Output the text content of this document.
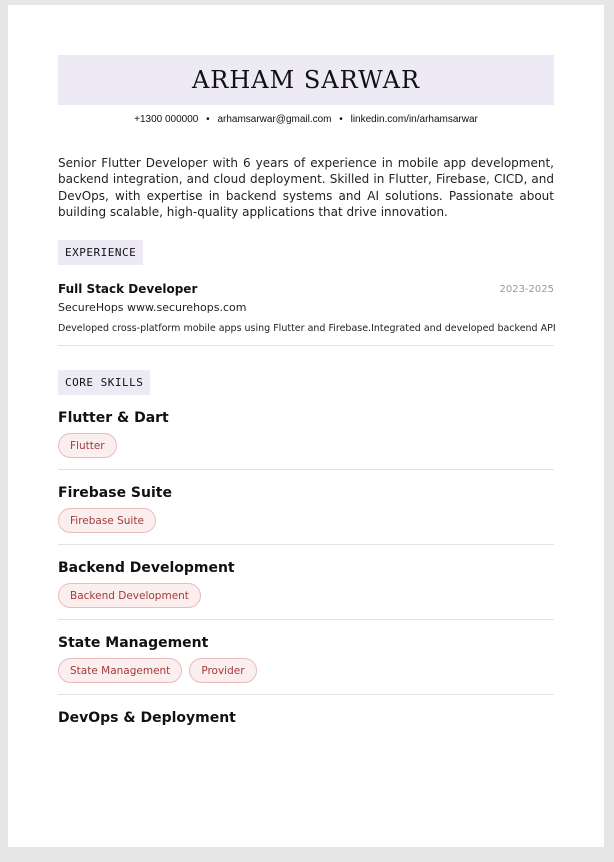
ARHAM SARWAR
+1300 000000 • arhamsarwar@gmail.com • linkedin.com/in/arhamsarwar
Senior Flutter Developer with 6 years of experience in mobile app development, backend integration, and cloud deployment. Skilled in Flutter, Firebase, CICD, and DevOps, with expertise in backend systems and AI solutions. Passionate about building scalable, high-quality applications that drive innovation.
EXPERIENCE
Full Stack Developer	2023-2025
SecureHops www.securehops.com
Developed cross-platform mobile apps using Flutter and Firebase.Integrated and developed backend API
CORE SKILLS
Flutter & Dart
Flutter
Firebase Suite
Firebase Suite
Backend Development
Backend Development
State Management
State Management	Provider
DevOps & Deployment
